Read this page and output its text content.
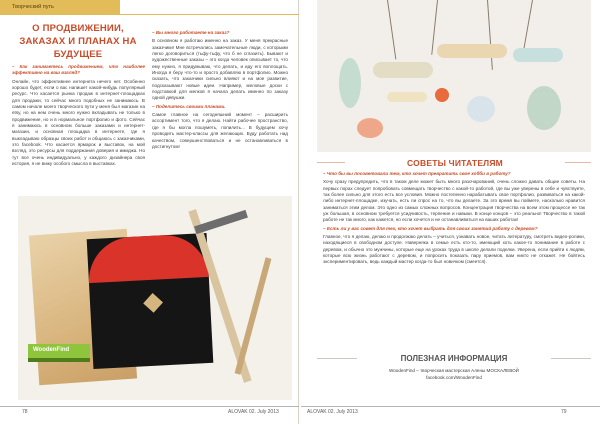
Творческий путь
О ПРОДВИЖЕНИИ, ЗАКАЗАХ И ПЛАНАХ НА БУДУЩЕЕ

– Как занимаетесь продвижением, что наиболее эффективно на ваш взгляд?

Онлайн, что эффективнее интернета нечего нет. Особенно хорошо будет, если о вас напишет какой-нибудь популярный ресурс. Что касается рынка продаж в интернет-площадках для продажи, то сейчас много подобных не занимаюсь. В самом начале моего творческого пути у меня был магазин на etsy, но на нем очень много нужно вкладывать не только в продвижение, но и в нормальное портфолио и фото. Сейчас я занимаюсь в основном больше заказами и интернет-магазин, и основная площадка в интернете, где я выкладываю образцы своих работ и общаюсь с заказчиками, это facebook. Что касается ярмарок и выставок, на мой взгляд, это ресурсы для поддержания доверия и имиджа. Но тут все очень индивидуально, у каждого дизайнера своя история, я не вижу особого смысла в выставках.

– Вы много работаете на заказ?

В основном я работаю именно на заказ. У меня прекрасные заказчики! Мне встречались замечательные люди, с которыми легко договориться (тьфу-тьфу, что б не сглазить). Бывают и художественные заказы – это когда человек описывает то, что ему нужно, я придумываю, что делать, и иду его воплощать. Иногда я беру что-то и просто добавляю в портфолио. Можно сказать, что заказчики сильно влияют и на мое развитие, подсказывают новые идеи. Например, меловые доски с подставкой для мелков я начала делать именно по заказу одной девушки.

– Поделитесь своими планами.

Самое главное на сегодняшний момент – расширить ассортимент того, что я делаю. Найти рабочее пространство, где я бы могла пошуметь, попилить... В будущем хочу проводить мастер-классы для желающих. Буду работать над качеством, совершенствоваться и не останавливаться в достигнутом!

WoodenFind
78	ALOVAK 02. July 2013
СОВЕТЫ ЧИТАТЕЛЯМ

– Что бы вы посоветовали тем, кто хочет превратить свое хобби в работу?

Хочу сразу предупредить, что в таком деле может быть много разочарований, очень сложно давать общие советы. На первых порах следует попробовать совмещать творчество с какой-то работой, где вы уже уверены в себе и чувствуете, так более сильно для этого есть все условия. Можно постепенно нарабатывать свое портфолио, развиваться на какой-либо интернет-площадке, изучать, есть ли спрос на то, что вы делаете. За это время вы поймете, насколько нравится заниматься этим делом. Это одно из самых сложных вопросов. Концентрация творчества на всем этом процессе не так уж большая, в основном требуется усидчивость, терпение и навыки. В конце концов – это реально! Творчество в такой работе не так много, как кажется, но если хочется и не останавливаться на ваших работах!

– Есть ли у вас совет для тех, кто хочет выбрать для своих занятий работу с деревом?

Главное, что я делаю, делаю и продолжаю делать – учиться, узнавать новое, читать литературу, смотреть видео-ролики, находящиеся в свободном доступе. Наверняка в семье есть кто-то, имеющий хоть какое-то понимание в работе с деревом, и обычно это мужчины, которые еще на уроках труда в школе делали поделки. Уверена, если прийти к людям, которые всю жизнь работают с деревом, и попросить показать пару приемов, вам никто не откажет. Не бойтесь экспериментировать, ведь каждый мастер когда-то был новичком (смеется).

ПОЛЕЗНАЯ ИНФОРМАЦИЯ
WoodenFind – творческая мастерская Алены МОСКАЛЕВОЙ
facebook.com/WoodenFind
ALOVAK 02. July 2013	79
